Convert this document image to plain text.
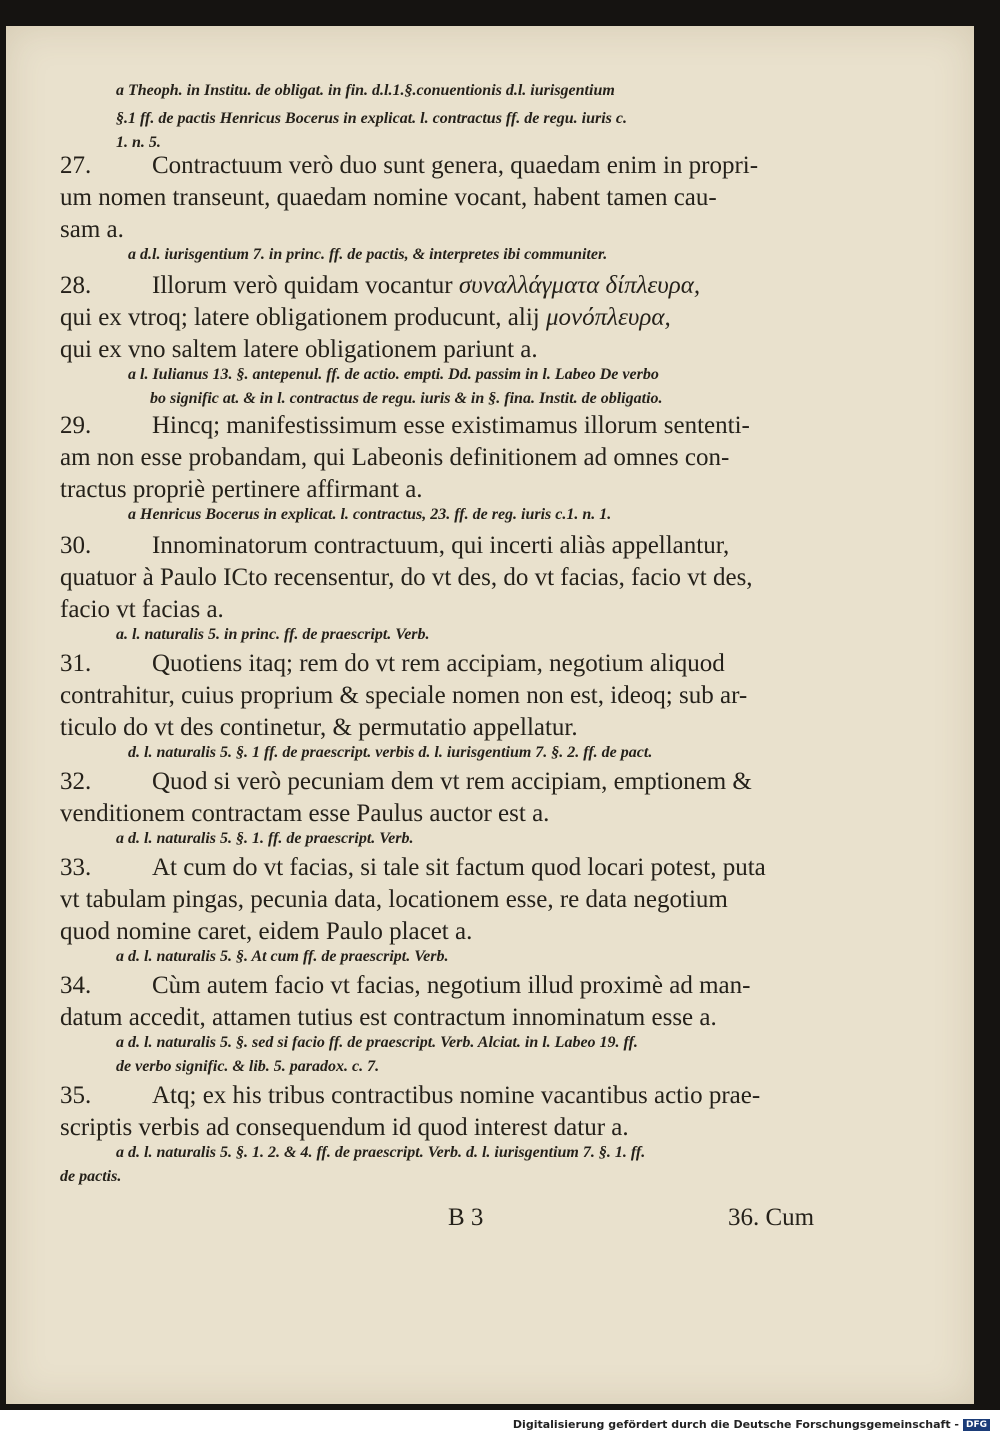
a Theoph. in Institu. de obligat. in fin. d.l.1.§.conuentionis d.l. iurisgentium
§.1 ff. de pactis Henricus Bocerus in explicat. l. contractus ff. de regu. iuris c.
1. n. 5.
27. Contractuum verò duo sunt genera, quaedam enim in propri-
um nomen transeunt, quaedam nomine vocant, habent tamen cau-
sam a.
a d.l. iurisgentium 7. in princ. ff. de pactis, & interpretes ibi communiter.
28. Illorum verò quidam vocantur συναλλάγματα δίπλευρα,
qui ex vtroq; latere obligationem producunt, alij μονόπλευρα,
qui ex vno saltem latere obligationem pariunt a.
a l. Iulianus 13. §. antepenul. ff. de actio. empti. Dd. passim in l. Labeo De verbo
bo signific at. & in l. contractus de regu. iuris & in §. fina. Instit. de obligatio.
29. Hincq; manifestissimum esse existimamus illorum sententi-
am non esse probandam, qui Labeonis definitionem ad omnes con-
tractus propriè pertinere affirmant a.
a Henricus Bocerus in explicat. l. contractus, 23. ff. de reg. iuris c.1. n. 1.
30. Innominatorum contractuum, qui incerti aliàs appellantur,
quatuor à Paulo ICto recensentur, do vt des, do vt facias, facio vt des,
facio vt facias a.
a. l. naturalis 5. in princ. ff. de praescript. Verb.
31. Quotiens itaq; rem do vt rem accipiam, negotium aliquod
contrahitur, cuius proprium & speciale nomen non est, ideoq; sub ar-
ticulo do vt des continetur, & permutatio appellatur.
d. l. naturalis 5. §. 1 ff. de praescript. verbis d. l. iurisgentium 7. §. 2. ff. de pact.
32. Quod si verò pecuniam dem vt rem accipiam, emptionem &
venditionem contractam esse Paulus auctor est a.
a d. l. naturalis 5. §. 1. ff. de praescript. Verb.
33. At cum do vt facias, si tale sit factum quod locari potest, puta
vt tabulam pingas, pecunia data, locationem esse, re data negotium
quod nomine caret, eidem Paulo placet a.
a d. l. naturalis 5. §. At cum ff. de praescript. Verb.
34. Cùm autem facio vt facias, negotium illud proximè ad man-
datum accedit, attamen tutius est contractum innominatum esse a.
a d. l. naturalis 5. §. sed si facio ff. de praescript. Verb. Alciat. in l. Labeo 19. ff.
de verbo signific. & lib. 5. paradox. c. 7.
35. Atq; ex his tribus contractibus nomine vacantibus actio prae-
scriptis verbis ad consequendum id quod interest datur a.
a d. l. naturalis 5. §. 1. 2. & 4. ff. de praescript. Verb. d. l. iurisgentium 7. §. 1. ff.
de pactis.
B 3	36. Cum
Digitalisierung gefördert durch die Deutsche Forschungsgemeinschaft - DFG
